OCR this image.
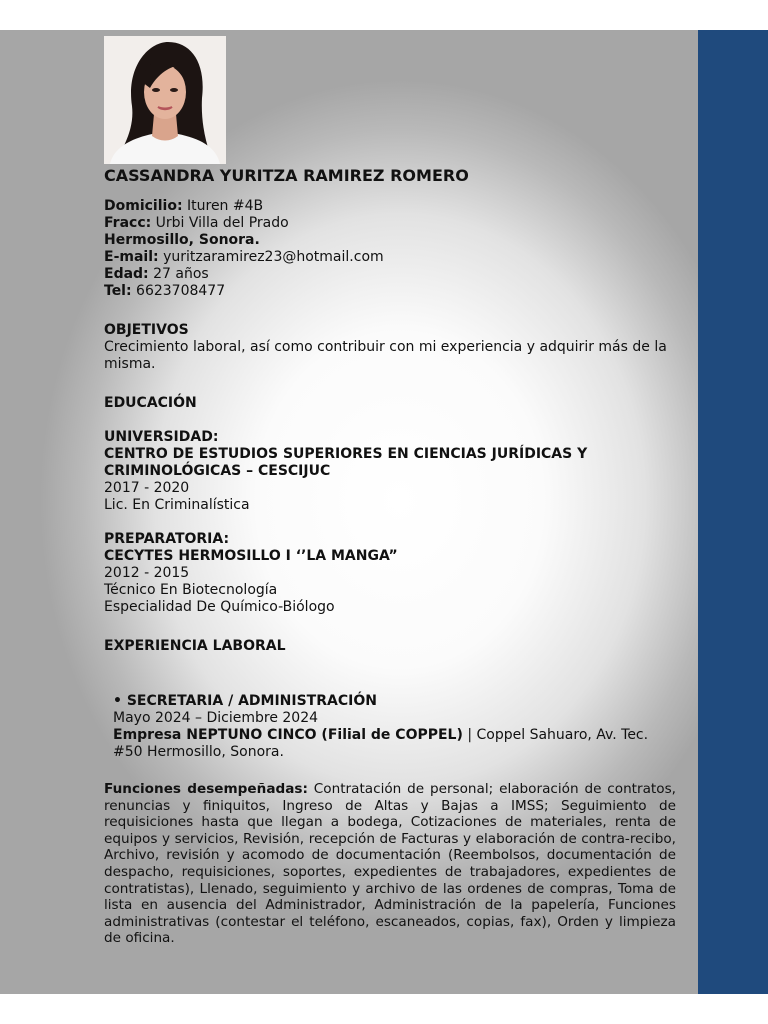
CASSANDRA YURITZA RAMIREZ ROMERO
Domicilio: Ituren #4B
Fracc: Urbi Villa del Prado
Hermosillo, Sonora.
E-mail: yuritzaramirez23@hotmail.com
Edad: 27 años
Tel: 6623708477
OBJETIVOS

Crecimiento laboral, así como contribuir con mi experiencia y adquirir más de la misma.

EDUCACIÓN
UNIVERSIDAD:
CENTRO DE ESTUDIOS SUPERIORES EN CIENCIAS JURÍDICAS Y CRIMINOLÓGICAS – CESCIJUC
2017 - 2020
Lic. En Criminalística
PREPARATORIA:
CECYTES HERMOSILLO I ‘’LA MANGA”
2012 - 2015
Técnico En Biotecnología
Especialidad De Químico-Biólogo
EXPERIENCIA LABORAL
• SECRETARIA / ADMINISTRACIÓN
Mayo 2024 – Diciembre 2024
Empresa NEPTUNO CINCO (Filial de COPPEL) | Coppel Sahuaro, Av. Tec. #50 Hermosillo, Sonora.

Funciones desempeñadas: Contratación de personal; elaboración de contratos, renuncias y finiquitos, Ingreso de Altas y Bajas a IMSS; Seguimiento de requisiciones hasta que llegan a bodega, Cotizaciones de materiales, renta de equipos y servicios, Revisión, recepción de Facturas y elaboración de contra-recibo, Archivo, revisión y acomodo de documentación (Reembolsos, documentación de despacho, requisiciones, soportes, expedientes de trabajadores, expedientes de contratistas), Llenado, seguimiento y archivo de las ordenes de compras, Toma de lista en ausencia del Administrador, Administración de la papelería, Funciones administrativas (contestar el teléfono, escaneados, copias, fax), Orden y limpieza de oficina.
